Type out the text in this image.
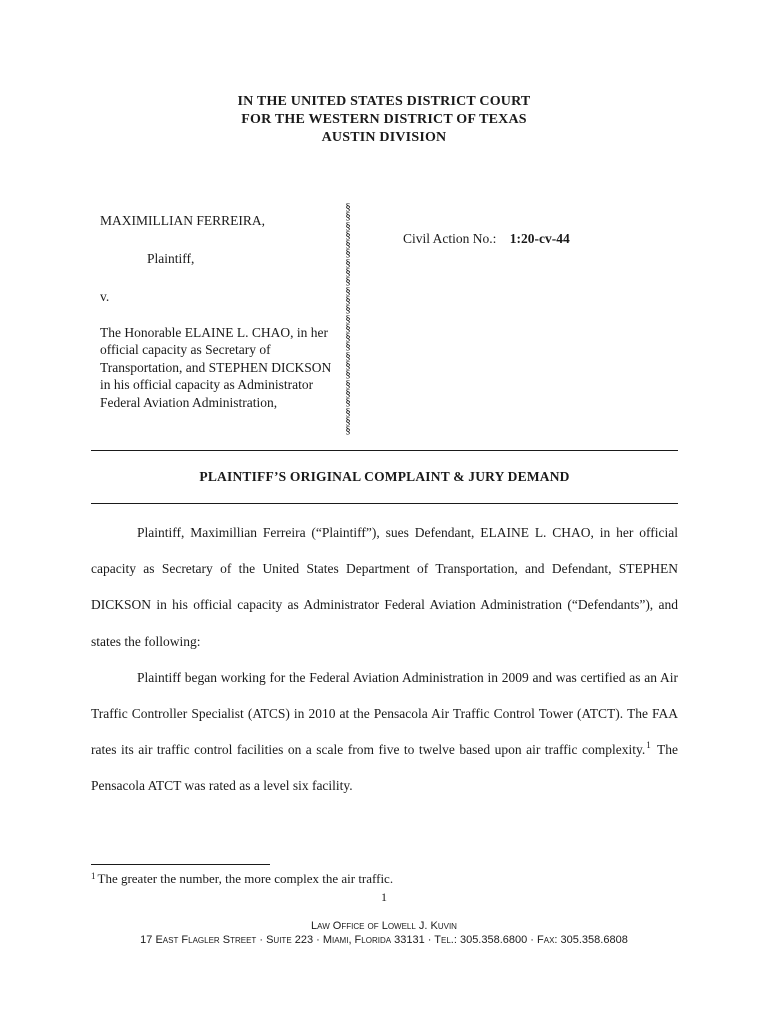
IN THE UNITED STATES DISTRICT COURT
FOR THE WESTERN DISTRICT OF TEXAS
AUSTIN DIVISION
MAXIMILLIAN FERREIRA,
Plaintiff,
v.
The Honorable ELAINE L. CHAO, in her official capacity as Secretary of Transportation, and STEPHEN DICKSON in his official capacity as Administrator Federal Aviation Administration,
§
§
§
§
§
§
§
§
§
§
§
§
§
§
§
§
§
§
§
§
§
§
§
§
§
Civil Action No.: 1:20-cv-44
PLAINTIFF’S ORIGINAL COMPLAINT & JURY DEMAND

Plaintiff, Maximillian Ferreira (“Plaintiff”), sues Defendant, ELAINE L. CHAO, in her official capacity as Secretary of the United States Department of Transportation, and Defendant, STEPHEN DICKSON in his official capacity as Administrator Federal Aviation Administration (“Defendants”), and states the following:

Plaintiff began working for the Federal Aviation Administration in 2009 and was certified as an Air Traffic Controller Specialist (ATCS) in 2010 at the Pensacola Air Traffic Control Tower (ATCT). The FAA rates its air traffic control facilities on a scale from five to twelve based upon air traffic complexity.$^1$ The Pensacola ATCT was rated as a level six facility.

$^1$ The greater the number, the more complex the air traffic.
1
Law Office of Lowell J. Kuvin
17 East Flagler Street · Suite 223 · Miami, Florida 33131 · Tel.: 305.358.6800 · Fax: 305.358.6808
